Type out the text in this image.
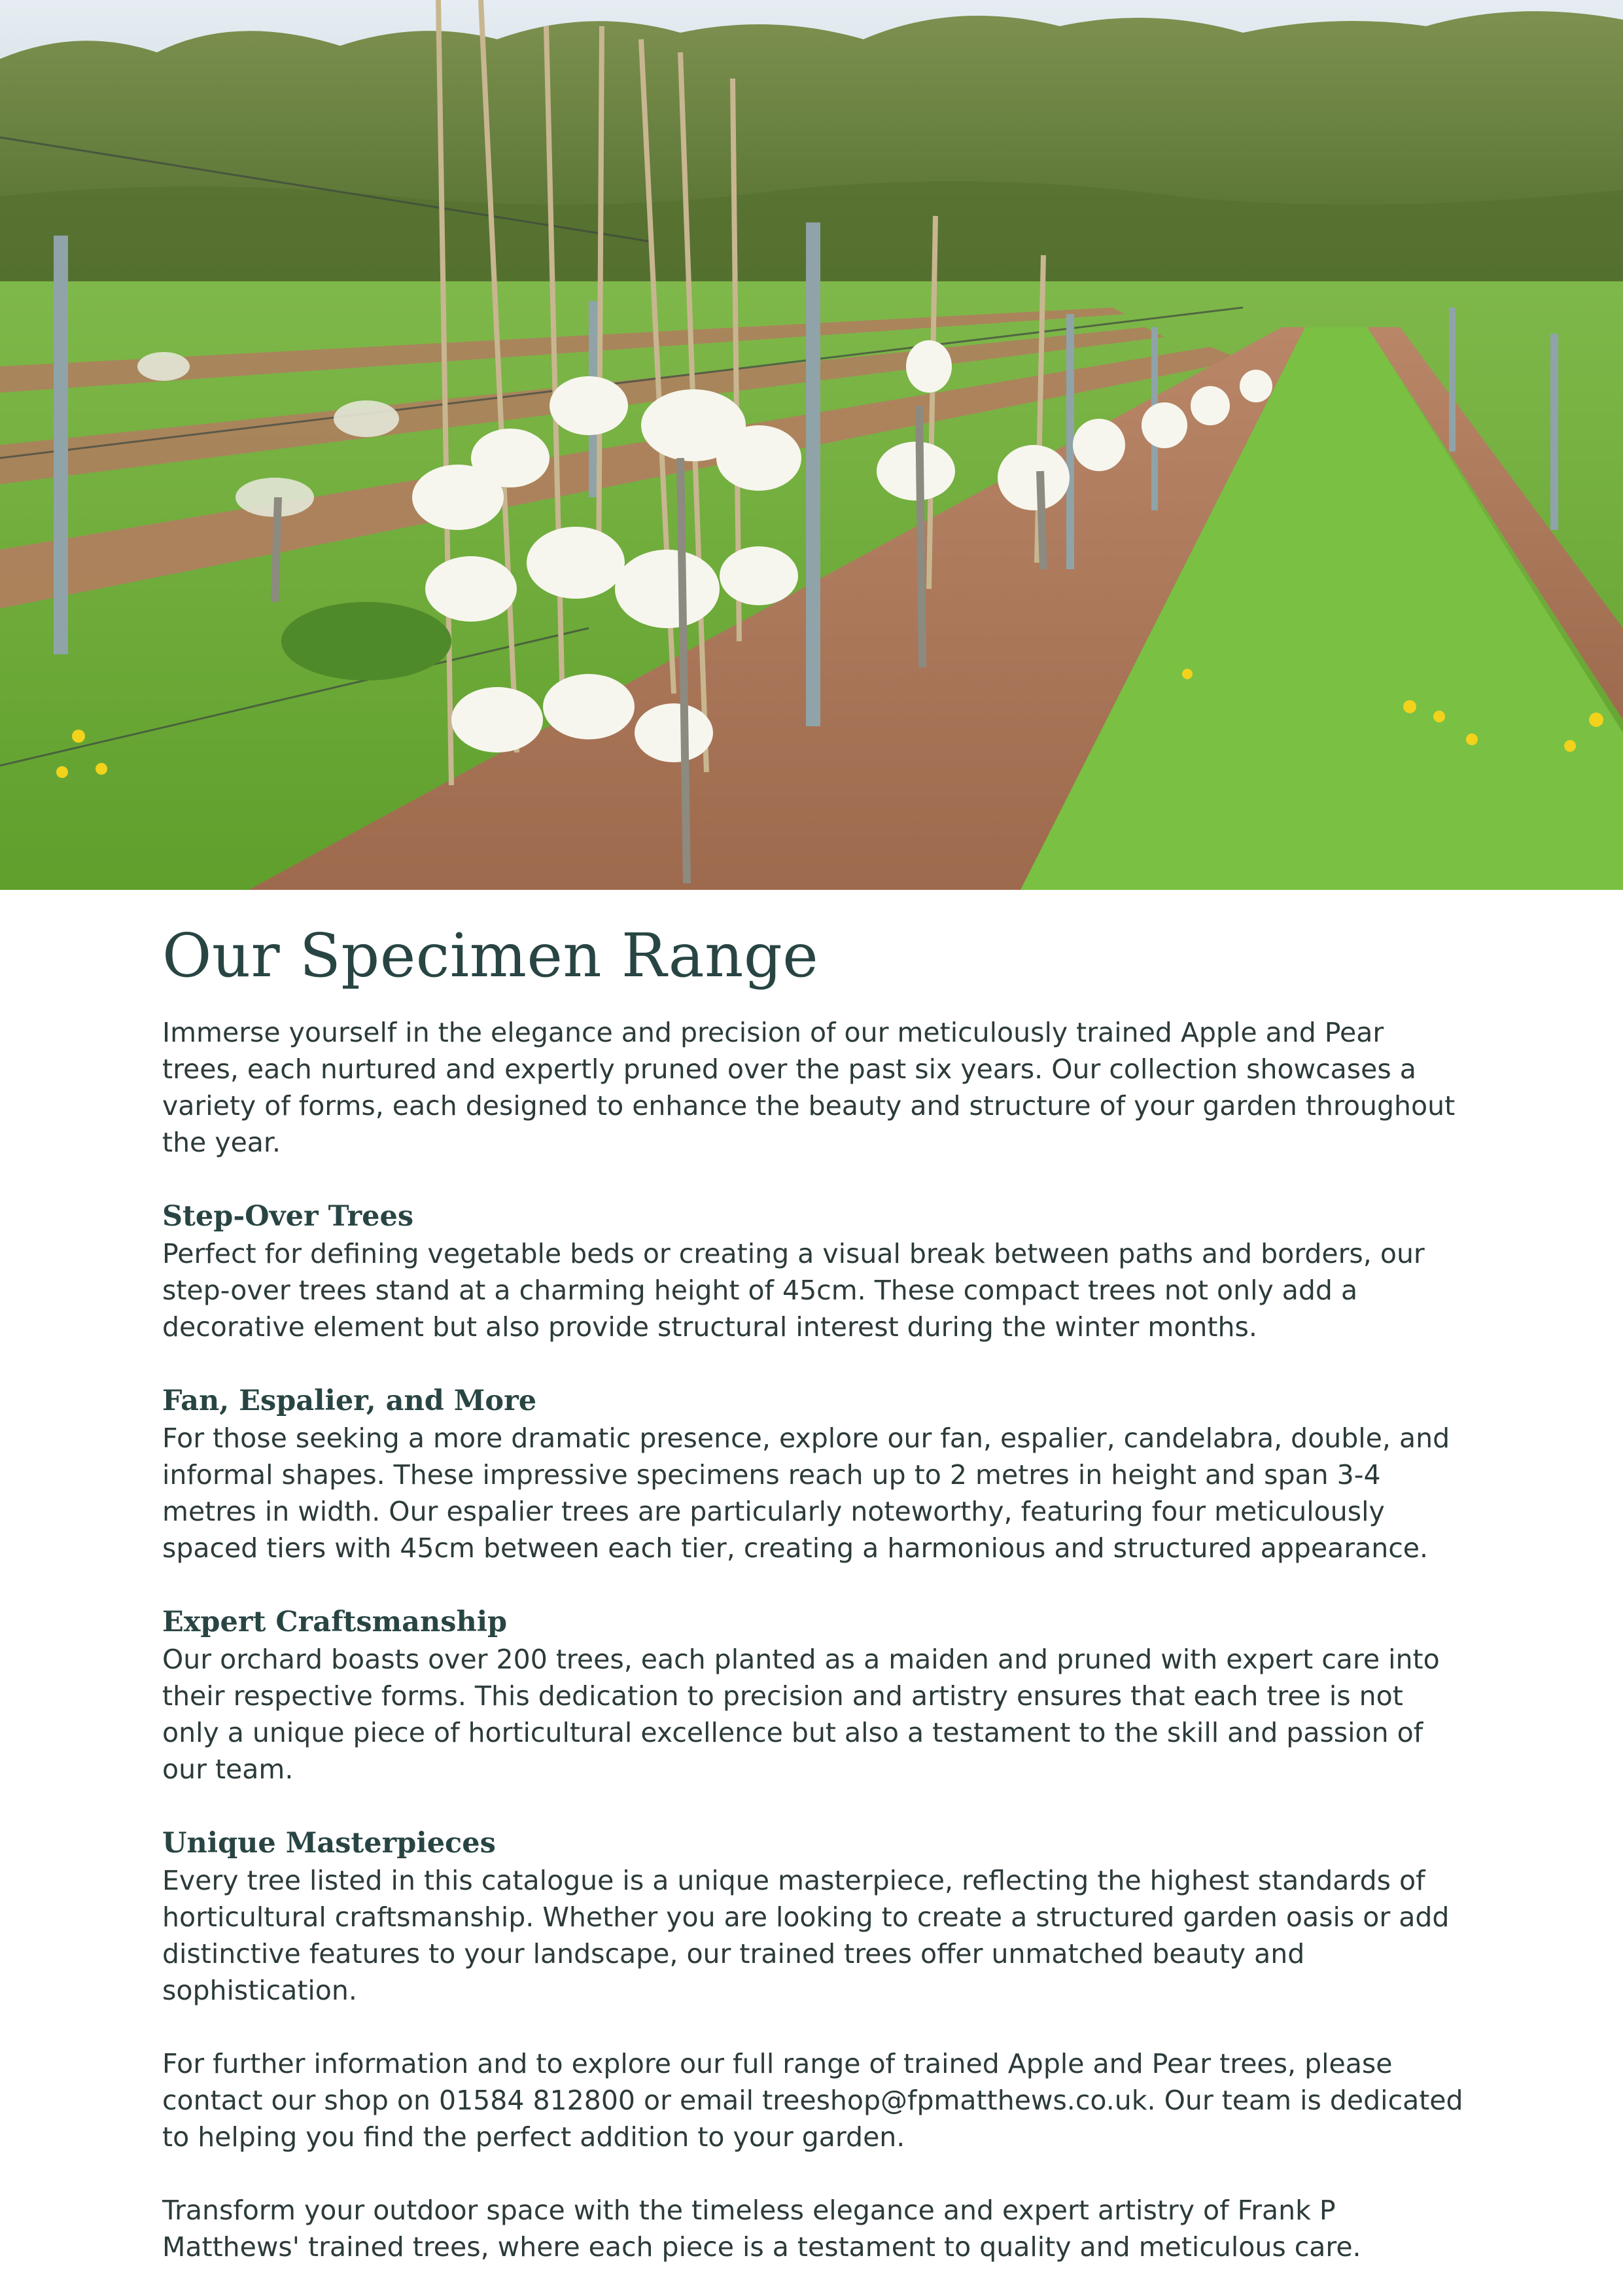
Our Specimen Range

Immerse yourself in the elegance and precision of our meticulously trained Apple and Pear trees, each nurtured and expertly pruned over the past six years. Our collection showcases a variety of forms, each designed to enhance the beauty and structure of your garden throughout the year.

Step-Over Trees

Perfect for defining vegetable beds or creating a visual break between paths and borders, our step-over trees stand at a charming height of 45cm. These compact trees not only add a decorative element but also provide structural interest during the winter months.

Fan, Espalier, and More

For those seeking a more dramatic presence, explore our fan, espalier, candelabra, double, and informal shapes. These impressive specimens reach up to 2 metres in height and span 3-4 metres in width. Our espalier trees are particularly noteworthy, featuring four meticulously spaced tiers with 45cm between each tier, creating a harmonious and structured appearance.

Expert Craftsmanship

Our orchard boasts over 200 trees, each planted as a maiden and pruned with expert care into their respective forms. This dedication to precision and artistry ensures that each tree is not only a unique piece of horticultural excellence but also a testament to the skill and passion of our team.

Unique Masterpieces

Every tree listed in this catalogue is a unique masterpiece, reflecting the highest standards of horticultural craftsmanship. Whether you are looking to create a structured garden oasis or add distinctive features to your landscape, our trained trees offer unmatched beauty and sophistication.

For further information and to explore our full range of trained Apple and Pear trees, please contact our shop on 01584 812800 or email treeshop@fpmatthews.co.uk. Our team is dedicated to helping you find the perfect addition to your garden.

Transform your outdoor space with the timeless elegance and expert artistry of Frank P Matthews' trained trees, where each piece is a testament to quality and meticulous care.
